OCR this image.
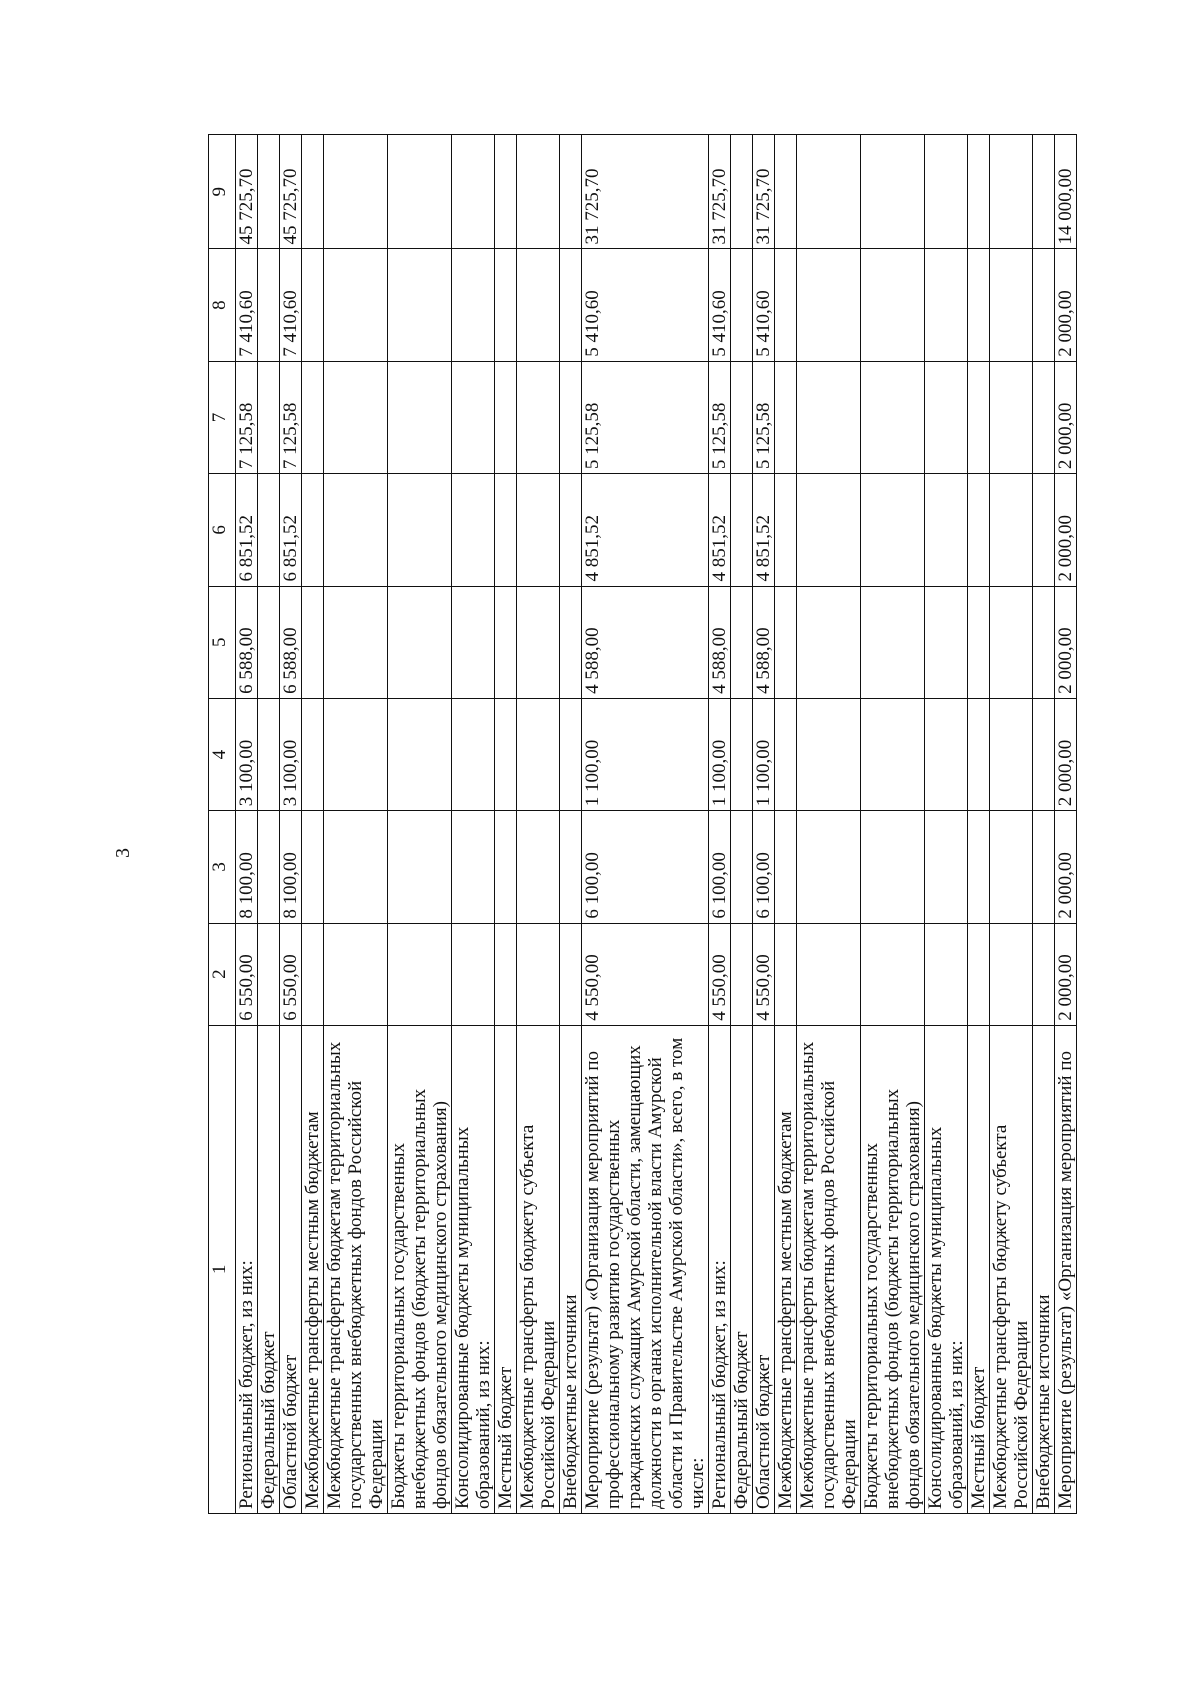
3
1	2	3	4	5	6	7	8	9
Региональный бюджет, из них:	6 550,00	8 100,00	3 100,00	6 588,00	6 851,52	7 125,58	7 410,60	45 725,70
Федеральный бюджет								
Областной бюджет	6 550,00	8 100,00	3 100,00	6 588,00	6 851,52	7 125,58	7 410,60	45 725,70
Межбюджетные трансферты местным бюджетам								
Межбюджетные трансферты бюджетам территориальных государственных внебюджетных фондов Российской Федерации								
Бюджеты территориальных государственных внебюджетных фондов (бюджеты территориальных фондов обязательного медицинского страхования)								
Консолидированные бюджеты муниципальных образований, из них:								
Местный бюджет								
Межбюджетные трансферты бюджету субъекта Российской Федерации								
Внебюджетные источники								
Мероприятие (результат) «Организация мероприятий по профессиональному развитию государственных гражданских служащих Амурской области, замещающих должности в органах исполнительной власти Амурской области и Правительстве Амурской области», всего, в том числе:	4 550,00	6 100,00	1 100,00	4 588,00	4 851,52	5 125,58	5 410,60	31 725,70
Региональный бюджет, из них:	4 550,00	6 100,00	1 100,00	4 588,00	4 851,52	5 125,58	5 410,60	31 725,70
Федеральный бюджет								
Областной бюджет	4 550,00	6 100,00	1 100,00	4 588,00	4 851,52	5 125,58	5 410,60	31 725,70
Межбюджетные трансферты местным бюджетам								
Межбюджетные трансферты бюджетам территориальных государственных внебюджетных фондов Российской Федерации								
Бюджеты территориальных государственных внебюджетных фондов (бюджеты территориальных фондов обязательного медицинского страхования)								
Консолидированные бюджеты муниципальных образований, из них:								
Местный бюджет								
Межбюджетные трансферты бюджету субъекта Российской Федерации								
Внебюджетные источники								
Мероприятие (результат) «Организация мероприятий по	2 000,00	2 000,00	2 000,00	2 000,00	2 000,00	2 000,00	2 000,00	14 000,00
